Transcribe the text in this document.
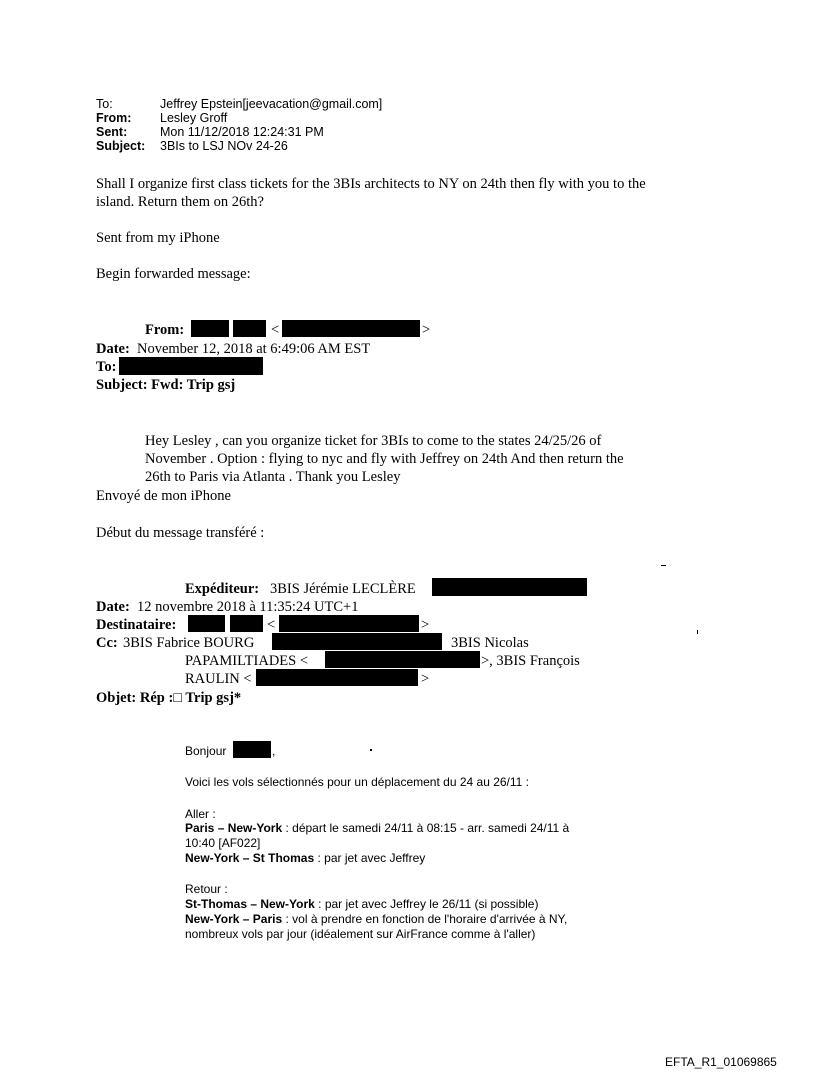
To:	Jeffrey Epstein[jeevacation@gmail.com]
From: Lesley Groff
Sent:	Mon 11/12/2018 12:24:31 PM
Subject: 3BIs to LSJ NOv 24-26
Shall I organize first class tickets for the 3BIs architects to NY on 24th then fly with you to the
island. Return them on 26th?
Sent from my iPhone
Begin forwarded message:
From:	<	>
Date: November 12, 2018 at 6:49:06 AM EST
To:
Subject: Fwd: Trip gsj
Hey Lesley , can you organize ticket for 3BIs to come to the states 24/25/26 of
November . Option : flying to nyc and fly with Jeffrey on 24th And then return the
26th to Paris via Atlanta . Thank you Lesley
Envoyé de mon iPhone
Début du message transféré :
Expéditeur: 3BIS Jérémie LECLÈRE
Date: 12 novembre 2018 à 11:35:24 UTC+1
Destinataire:	<	>
Cc: 3BIS Fabrice BOURG	3BIS Nicolas
PAPAMILTIADES <	>, 3BIS François
RAULIN <	>
Objet: Rép :□ Trip gsj*
Bonjour	,
Voici les vols sélectionnés pour un déplacement du 24 au 26/11 :
Aller :
Paris – New-York : départ le samedi 24/11 à 08:15 - arr. samedi 24/11 à
10:40 [AF022]
New-York – St Thomas : par jet avec Jeffrey
Retour :
St-Thomas – New-York : par jet avec Jeffrey le 26/11 (si possible)
New-York – Paris : vol à prendre en fonction de l'horaire d'arrivée à NY,
nombreux vols par jour (idéalement sur AirFrance comme à l'aller)
EFTA_R1_01069865
